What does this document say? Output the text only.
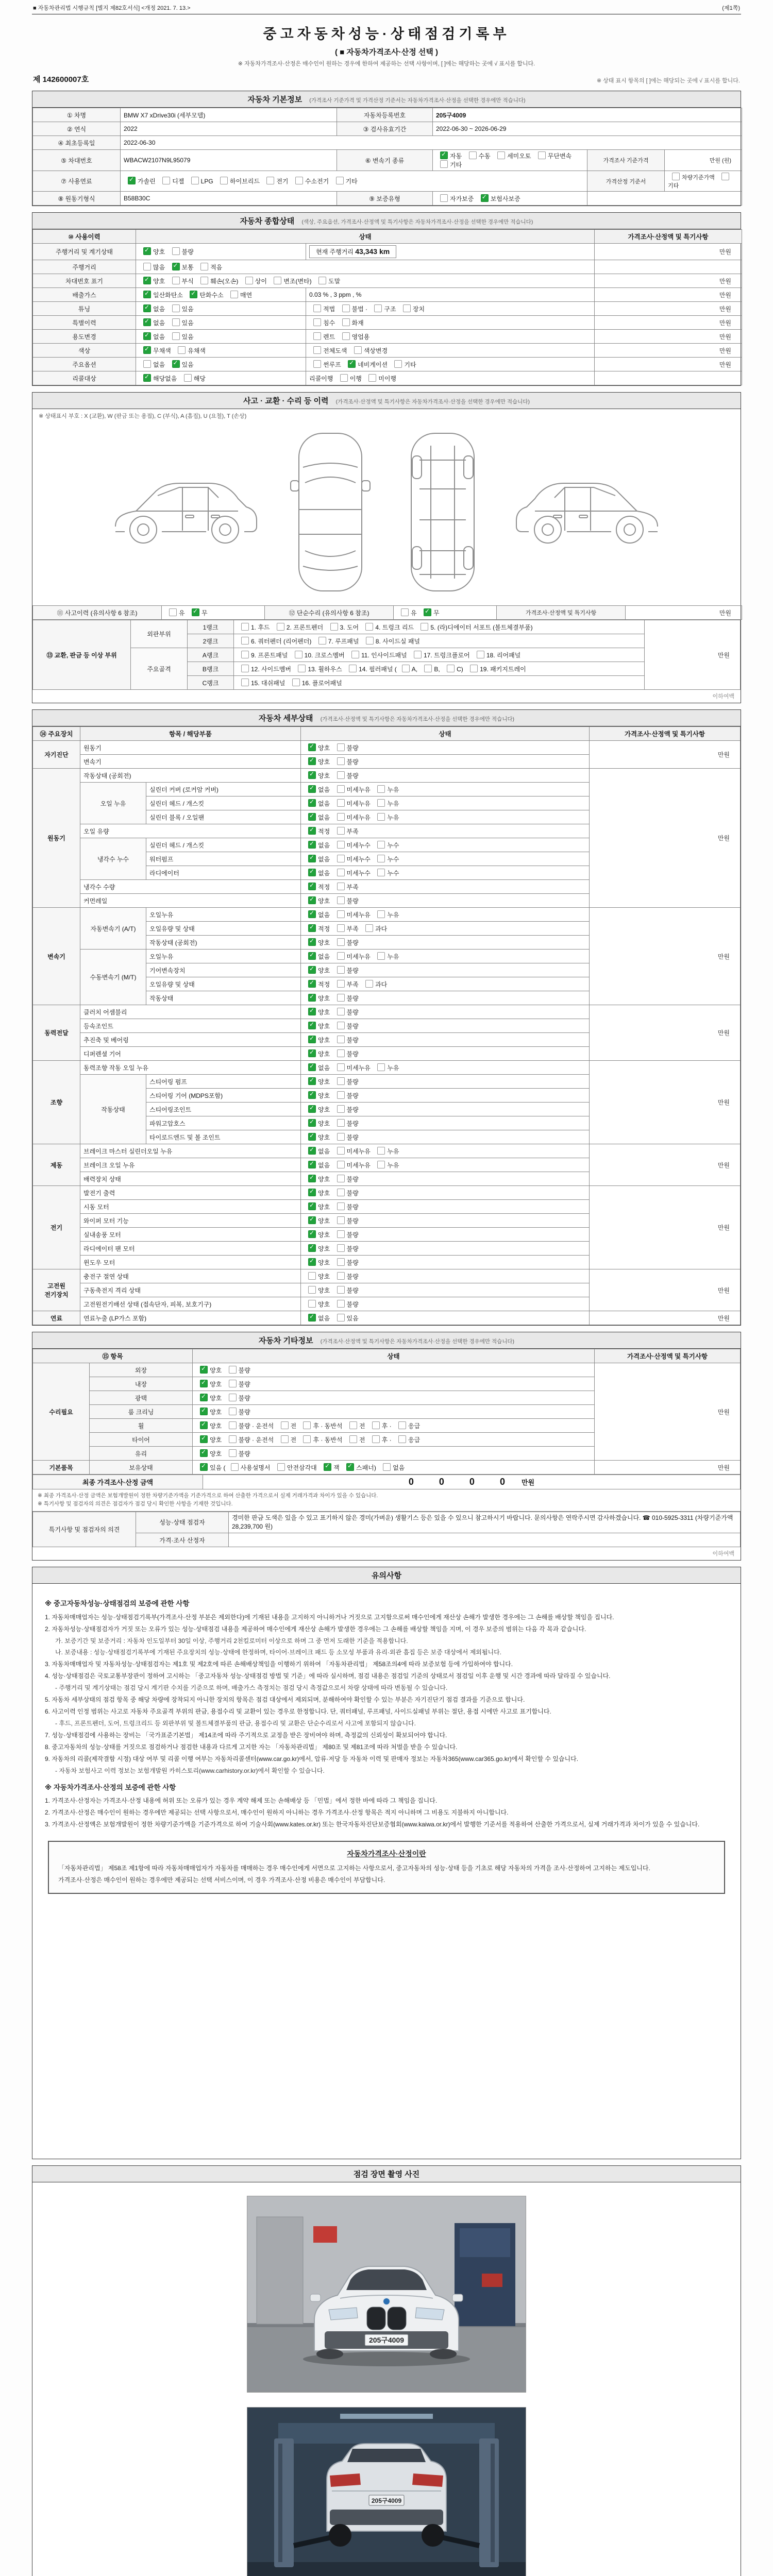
■ 자동차관리법 시행규칙 [별지 제82호서식] <개정 2021. 7. 13.>	(제1쪽)
중고자동차성능·상태점검기록부
( ■ 자동차가격조사·산정 선택 )
※ 자동차가격조사·산정은 매수인이 원하는 경우에 한하여 제공하는 선택 사항이며, [ ]에는 해당하는 곳에 √ 표시를 합니다.
제 142600007호	※ 상태 표시 항목의 [ ]에는 해당되는 곳에 √ 표시를 합니다.
자동차 기본정보 (가격조사 기준가격 및 가격산정 기준서는 자동차가격조사·산정을 선택한 경우에만 적습니다)
① 차명	BMW X7 xDrive30i (세부모델)	자동차등록번호	205구4009		
② 연식	2022	③ 검사유효기간	2022-06-30 ~ 2026-06-29		
④ 최초등록일	2022-06-30				
⑤ 차대번호	WBACW2107N9L95079	⑥ 변속기 종류	✓자동 수동 세미오토 무단변속 기타	가격조사 기준가격	만원 (원)
⑦ 사용연료	✓가솔린 디젤 LPG 하이브리드 전기 수소전기 기타			가격산정 기준서	차량기준가액 기타
⑧ 원동기형식	B58B30C	⑨ 보증유형	자가보증 ✓보험사보증	
자동차 종합상태 (색상, 주요옵션, 가격조사·산정액 및 특기사항은 자동차가격조사·산정을 선택한 경우에만 적습니다)
⑩ 사용이력	상태		가격조사·산정액 및 특기사항
주행거리 및 계기상태	✓양호 불량	현재 주행거리 43,343 km	만원
주행거리	많음 ✓보통 적음	
차대번호 표기	✓양호 부식 훼손(오손) 상이 변조(변타) 도말		만원
배출가스	✓일산화탄소 ✓탄화수소 매연	0.03 % , 3 ppm , %	만원
튜닝	✓없음 있음	적법 불법 · 구조 장치	만원
특별이력	✓없음 있음	침수 화재	만원
용도변경	✓없음 있음	렌트 영업용	만원
색상	✓무채색 유채색	전체도색 색상변경	만원
주요옵션	없음 ✓있음	썬루프 ✓네비게이션 기타	만원
리콜대상	✓해당없음 해당	리콜이행 이행 미이행	
사고 · 교환 · 수리 등 이력 (가격조사·산정액 및 특기사항은 자동차가격조사·산정을 선택한 경우에만 적습니다)
※ 상태표시 부호 : X (교환), W (판금 또는 용접), C (부식), A (흠집), U (요철), T (손상)
⑪ 사고이력 (유의사항 6 참조)	유 ✓무	⑫ 단순수리 (유의사항 6 참조)	유 ✓무	가격조사·산정액 및 특기사항	만원
⑬ 교환, 판금 등 이상 부위	외판부위	1랭크	1. 후드 2. 프론트펜더 3. 도어 4. 트렁크 리드 5. (라)디에이터 서포트 (볼트체결부품)	만원
		2랭크	6. 쿼터펜더 (리어펜더) 7. 루프패널 8. 사이드실 패널	
	주요골격	A랭크	9. 프론트패널 10. 크로스멤버 11. 인사이드패널 17. 트렁크플로어 18. 리어패널	
		B랭크	12. 사이드멤버 13. 휠하우스 14. 필러패널 ( A, B, C) 19. 패키지트레이	
		C랭크	15. 대쉬패널 16. 플로어패널	
이하여백
자동차 세부상태 (가격조사·산정액 및 특기사항은 자동차가격조사·산정을 선택한 경우에만 적습니다)
⑭ 주요장치	항목 / 해당부품		상태	가격조사·산정액 및 특기사항
자기진단	원동기	✓양호 불량	만원
	변속기	✓양호 불량
원동기	작동상태 (공회전)	✓양호 불량	만원
	오일 누유	실린더 커버 (로커암 커버)	✓없음 미세누유 누유
		실린더 헤드 / 개스킷	✓없음 미세누유 누유
		실린더 블록 / 오일팬	✓없음 미세누유 누유
	오일 유량	✓적정 부족
	냉각수 누수	실린더 헤드 / 개스킷	✓없음 미세누수 누수
		워터펌프	✓없음 미세누수 누수
		라디에이터	✓없음 미세누수 누수
	냉각수 수량	✓적정 부족
	커먼레일	✓양호 불량
변속기	자동변속기 (A/T)	오일누유	✓없음 미세누유 누유	만원
		오일유량 및 상태	✓적정 부족 과다
		작동상태 (공회전)	✓양호 불량
	수동변속기 (M/T)	오일누유	✓없음 미세누유 누유
		기어변속장치	✓양호 불량
		오일유량 및 상태	✓적정 부족 과다
		작동상태	✓양호 불량
동력전달	클러치 어셈블리	✓양호 불량	만원
	등속조인트	✓양호 불량
	추진축 및 베어링	✓양호 불량
	디퍼렌셜 기어	✓양호 불량
조향	동력조향 작동 오일 누유	✓없음 미세누유 누유	만원
	작동상태	스티어링 펌프	✓양호 불량
		스티어링 기어 (MDPS포함)	✓양호 불량
		스티어링조인트	✓양호 불량
		파워고압호스	✓양호 불량
		타이로드엔드 및 볼 조인트	✓양호 불량
제동	브레이크 마스터 실린더오일 누유	✓없음 미세누유 누유	만원
	브레이크 오일 누유	✓없음 미세누유 누유
	배력장치 상태	✓양호 불량
전기	발전기 출력	✓양호 불량	만원
	시동 모터	✓양호 불량
	와이퍼 모터 기능	✓양호 불량
	실내송풍 모터	✓양호 불량
	라디에이터 팬 모터	✓양호 불량
	윈도우 모터	✓양호 불량
고전원 전기장치	충전구 절연 상태		양호 불량	만원
	구동축전지 격리 상태		양호 불량	
	고전원전기배선 상태 (접속단자, 피복, 보호기구)		양호 불량	
연료	연료누출 (LP가스 포함)	✓없음 있음	만원
자동차 기타정보 (가격조사·산정액 및 특기사항은 자동차가격조사·산정을 선택한 경우에만 적습니다)
⑮ 항목		상태	가격조사·산정액 및 특기사항
수리필요	외장	✓양호 불량	만원
	내장	✓양호 불량
	광택	✓양호 불량
	룸 크리닝	✓양호 불량
	휠	✓양호 불량 · 운전석 전 후 · 동반석 전 후 · 응급
	타이어	✓양호 불량 · 운전석 전 후 · 동반석 전 후 · 응급
	유리	✓양호 불량
기본품목	보유상태	✓있음 ( 사용설명서 안전삼각대 ✓잭 ✓스패너) 없음	만원
최종 가격조사·산정 금액	0 0 0 0 만원
※ 최종 가격조사·산정 금액은 보험개발원이 정한 차량기준가액을 기준가격으로 하여 산출한 가격으로서 실제 거래가격과 차이가 있을 수 있습니다.
※ 특기사항 및 점검자의 의견은 점검자가 점검 당시 확인한 사항을 기재한 것입니다.
특기사항 및 점검자의 의견	성능·상태 점검자	경미한 판금 도색은 있을 수 있고 표기하지 않은 경미(가벼운) 생활기스 등은 있을 수 있으니 참고하시기 바랍니다. 문의사항은 연락주시면 감사하겠습니다. ☎ 010-5925-3311 (차량기준가액 28,239,700 원)
	가격·조사 산정자	
이하여백
유의사항
※ 중고자동차성능·상태점검의 보증에 관한 사항
1. 자동차매매업자는 성능·상태점검기록부(가격조사·산정 부분은 제외한다)에 기재된 내용을 고지하지 아니하거나 거짓으로 고지함으로써 매수인에게 재산상 손해가 발생한 경우에는 그 손해를 배상할 책임을 집니다.
2. 자동차성능·상태점검자가 거짓 또는 오류가 있는 성능·상태점검 내용을 제공하여 매수인에게 재산상 손해가 발생한 경우에는 그 손해를 배상할 책임을 지며, 이 경우 보증의 범위는 다음 각 목과 같습니다.
가. 보증기간 및 보증거리 : 자동차 인도일부터 30일 이상, 주행거리 2천킬로미터 이상으로 하며 그 중 먼저 도래한 기준을 적용합니다.
나. 보증내용 : 성능·상태점검기록부에 기재된 주요장치의 성능·상태에 한정하며, 타이어·브레이크 패드 등 소모성 부품과 유리·외관 흠집 등은 보증 대상에서 제외됩니다.
3. 자동차매매업자 및 자동차성능·상태점검자는 제1호 및 제2호에 따른 손해배상책임을 이행하기 위하여 「자동차관리법」 제58조의4에 따라 보증보험 등에 가입하여야 합니다.
4. 성능·상태점검은 국토교통부장관이 정하여 고시하는 「중고자동차 성능·상태점검 방법 및 기준」에 따라 실시하며, 점검 내용은 점검일 기준의 상태로서 점검일 이후 운행 및 시간 경과에 따라 달라질 수 있습니다.
- 주행거리 및 계기상태는 점검 당시 계기판 수치를 기준으로 하며, 배출가스 측정치는 점검 당시 측정값으로서 차량 상태에 따라 변동될 수 있습니다.
5. 자동차 세부상태의 점검 항목 중 해당 차량에 장착되지 아니한 장치의 항목은 점검 대상에서 제외되며, 분해하여야 확인할 수 있는 부분은 자기진단기 점검 결과를 기준으로 합니다.
6. 사고이력 인정 범위는 사고로 자동차 주요골격 부위의 판금, 용접수리 및 교환이 있는 경우로 한정합니다. 단, 쿼터패널, 루프패널, 사이드실패널 부위는 절단, 용접 시에만 사고로 표기합니다.
- 후드, 프론트펜더, 도어, 트렁크리드 등 외판부위 및 볼트체결부품의 판금, 용접수리 및 교환은 단순수리로서 사고에 포함되지 않습니다.
7. 성능·상태점검에 사용하는 장비는 「국가표준기본법」 제14조에 따라 주기적으로 교정을 받은 장비여야 하며, 측정값의 신뢰성이 확보되어야 합니다.
8. 중고자동차의 성능·상태를 거짓으로 점검하거나 점검한 내용과 다르게 고지한 자는 「자동차관리법」 제80조 및 제81조에 따라 처벌을 받을 수 있습니다.
9. 자동차의 리콜(제작결함 시정) 대상 여부 및 리콜 이행 여부는 자동차리콜센터(www.car.go.kr)에서, 압류·저당 등 자동차 이력 및 판매자 정보는 자동차365(www.car365.go.kr)에서 확인할 수 있습니다.
- 자동차 보험사고 이력 정보는 보험개발원 카히스토리(www.carhistory.or.kr)에서 확인할 수 있습니다.
※ 자동차가격조사·산정의 보증에 관한 사항
1. 가격조사·산정자는 가격조사·산정 내용에 허위 또는 오류가 있는 경우 계약 해제 또는 손해배상 등 「민법」에서 정한 바에 따라 그 책임을 집니다.
2. 가격조사·산정은 매수인이 원하는 경우에만 제공되는 선택 사항으로서, 매수인이 원하지 아니하는 경우 가격조사·산정 항목은 적지 아니하며 그 비용도 지불하지 아니합니다.
3. 가격조사·산정액은 보험개발원이 정한 차량기준가액을 기준가격으로 하여 기술사회(www.kates.or.kr) 또는 한국자동차진단보증협회(www.kaiwa.or.kr)에서 발행한 기준서를 적용하여 산출한 가격으로서, 실제 거래가격과 차이가 있을 수 있습니다.
자동차가격조사·산정이란
「자동차관리법」 제58조 제1항에 따라 자동차매매업자가 자동차를 매매하는 경우 매수인에게 서면으로 고지하는 사항으로서, 중고자동차의 성능·상태 등을 기초로 해당 자동차의 가격을 조사·산정하여 고지하는 제도입니다.
가격조사·산정은 매수인이 원하는 경우에만 제공되는 선택 서비스이며, 이 경우 가격조사·산정 비용은 매수인이 부담합니다.
점검 장면 촬영 사진
205구4009
205구4009
